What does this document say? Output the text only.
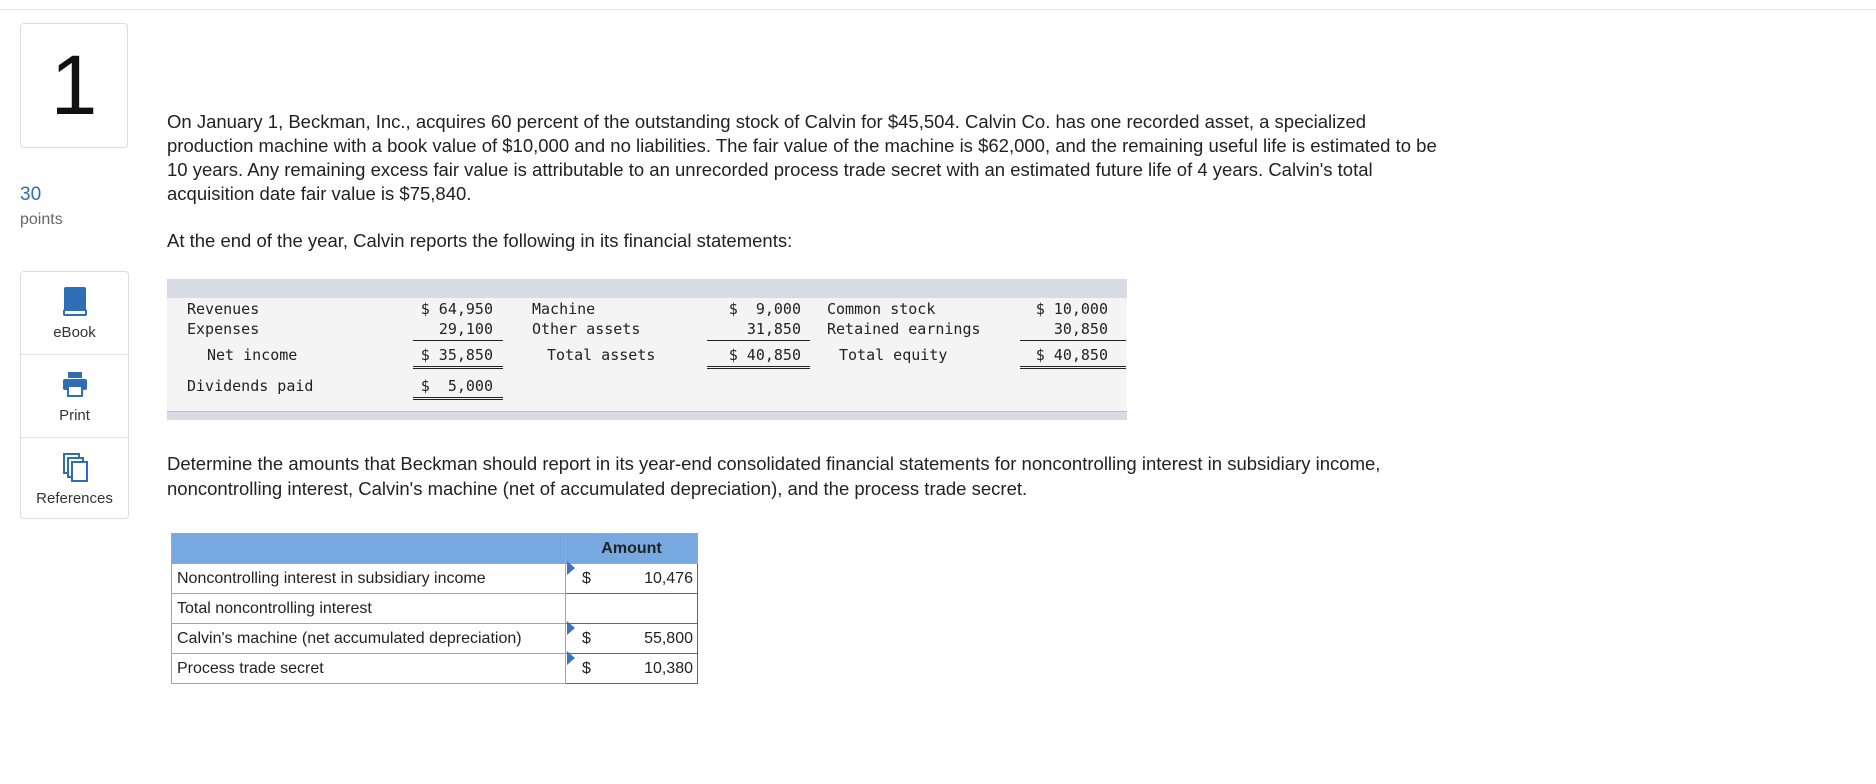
1
30
points
eBook
Print
References

On January 1, Beckman, Inc., acquires 60 percent of the outstanding stock of Calvin for $45,504. Calvin Co. has one recorded asset, a specialized production machine with a book value of $10,000 and no liabilities. The fair value of the machine is $62,000, and the remaining useful life is estimated to be 10 years. Any remaining excess fair value is attributable to an unrecorded process trade secret with an estimated future life of 4 years. Calvin's total acquisition date fair value is $75,840.

At the end of the year, Calvin reports the following in its financial statements:
Revenues	$ 64,950
Expenses	29,100
Net income	$ 35,850
Dividends paid	$  5,000
Machine	$  9,000
Other assets	31,850
Total assets	$ 40,850
Common stock	$ 10,000
Retained earnings	30,850
Total equity	$ 40,850
Determine the amounts that Beckman should report in its year-end consolidated financial statements for noncontrolling interest in subsidiary income, noncontrolling interest, Calvin's machine (net of accumulated depreciation), and the process trade secret.
	Amount
Noncontrolling interest in subsidiary income	$ 10,476

Total noncontrolling interest	

Calvin's machine (net accumulated depreciation)	$ 55,800

Process trade secret	$ 10,380
